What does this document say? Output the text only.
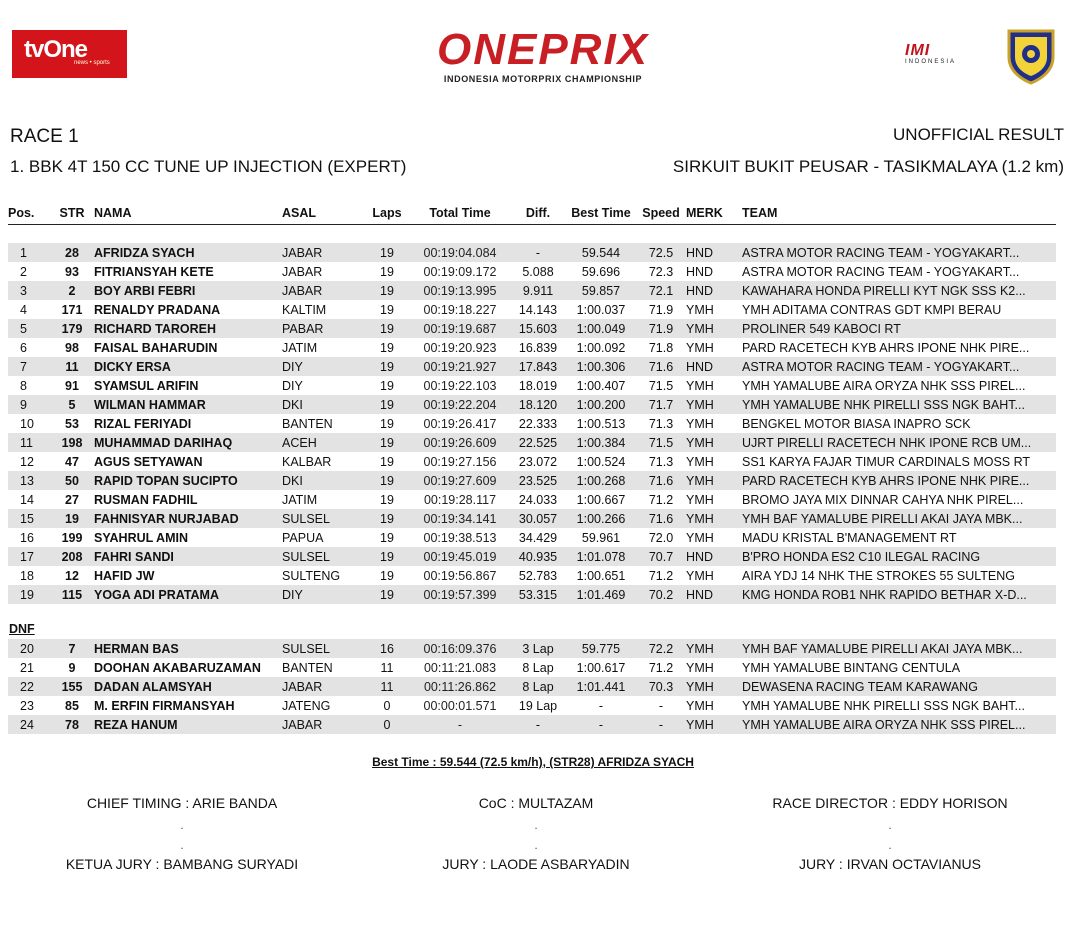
tvOne
news • sports	ONEPRIX
INDONESIA MOTORPRIX CHAMPIONSHIP
IMI
INDONESIA
RACE 1
1. BBK 4T 150 CC TUNE UP INJECTION (EXPERT)
UNOFFICIAL RESULT
SIRKUIT BUKIT PEUSAR - TASIKMALAYA (1.2 km)
Pos.	STR	NAMA	ASAL	Laps	Total Time	Diff.	Best Time	Speed	MERK	TEAM
1	28	AFRIDZA SYACH	JABAR	19	00:19:04.084	-	59.544	72.5	HND	ASTRA MOTOR RACING TEAM - YOGYAKART...
2	93	FITRIANSYAH KETE	JABAR	19	00:19:09.172	5.088	59.696	72.3	HND	ASTRA MOTOR RACING TEAM - YOGYAKART...
3	2	BOY ARBI FEBRI	JABAR	19	00:19:13.995	9.911	59.857	72.1	HND	KAWAHARA HONDA PIRELLI KYT NGK SSS K2...
4	171	RENALDY PRADANA	KALTIM	19	00:19:18.227	14.143	1:00.037	71.9	YMH	YMH ADITAMA CONTRAS GDT KMPI BERAU
5	179	RICHARD TAROREH	PABAR	19	00:19:19.687	15.603	1:00.049	71.9	YMH	PROLINER 549 KABOCI RT
6	98	FAISAL BAHARUDIN	JATIM	19	00:19:20.923	16.839	1:00.092	71.8	YMH	PARD RACETECH KYB AHRS IPONE NHK PIRE...
7	11	DICKY ERSA	DIY	19	00:19:21.927	17.843	1:00.306	71.6	HND	ASTRA MOTOR RACING TEAM - YOGYAKART...
8	91	SYAMSUL ARIFIN	DIY	19	00:19:22.103	18.019	1:00.407	71.5	YMH	YMH YAMALUBE AIRA ORYZA NHK SSS PIREL...
9	5	WILMAN HAMMAR	DKI	19	00:19:22.204	18.120	1:00.200	71.7	YMH	YMH YAMALUBE NHK PIRELLI SSS NGK BAHT...
10	53	RIZAL FERIYADI	BANTEN	19	00:19:26.417	22.333	1:00.513	71.3	YMH	BENGKEL MOTOR BIASA INAPRO SCK
11	198	MUHAMMAD DARIHAQ	ACEH	19	00:19:26.609	22.525	1:00.384	71.5	YMH	UJRT PIRELLI RACETECH NHK IPONE RCB UM...
12	47	AGUS SETYAWAN	KALBAR	19	00:19:27.156	23.072	1:00.524	71.3	YMH	SS1 KARYA FAJAR TIMUR CARDINALS MOSS RT
13	50	RAPID TOPAN SUCIPTO	DKI	19	00:19:27.609	23.525	1:00.268	71.6	YMH	PARD RACETECH KYB AHRS IPONE NHK PIRE...
14	27	RUSMAN FADHIL	JATIM	19	00:19:28.117	24.033	1:00.667	71.2	YMH	BROMO JAYA MIX DINNAR CAHYA NHK PIREL...
15	19	FAHNISYAR NURJABAD	SULSEL	19	00:19:34.141	30.057	1:00.266	71.6	YMH	YMH BAF YAMALUBE PIRELLI AKAI JAYA MBK...
16	199	SYAHRUL AMIN	PAPUA	19	00:19:38.513	34.429	59.961	72.0	YMH	MADU KRISTAL B'MANAGEMENT RT
17	208	FAHRI SANDI	SULSEL	19	00:19:45.019	40.935	1:01.078	70.7	HND	B'PRO HONDA ES2 C10 ILEGAL RACING
18	12	HAFID JW	SULTENG	19	00:19:56.867	52.783	1:00.651	71.2	YMH	AIRA YDJ 14 NHK THE STROKES 55 SULTENG
19	115	YOGA ADI PRATAMA	DIY	19	00:19:57.399	53.315	1:01.469	70.2	HND	KMG HONDA ROB1 NHK RAPIDO BETHAR X-D...
DNF
20	7	HERMAN BAS	SULSEL	16	00:16:09.376	3 Lap	59.775	72.2	YMH	YMH BAF YAMALUBE PIRELLI AKAI JAYA MBK...
21	9	DOOHAN AKABARUZAMAN	BANTEN	11	00:11:21.083	8 Lap	1:00.617	71.2	YMH	YMH YAMALUBE BINTANG CENTULA
22	155	DADAN ALAMSYAH	JABAR	11	00:11:26.862	8 Lap	1:01.441	70.3	YMH	DEWASENA RACING TEAM KARAWANG
23	85	M. ERFIN FIRMANSYAH	JATENG	0	00:00:01.571	19 Lap	-	-	YMH	YMH YAMALUBE NHK PIRELLI SSS NGK BAHT...
24	78	REZA HANUM	JABAR	0	-	-	-	-	YMH	YMH YAMALUBE AIRA ORYZA NHK SSS PIREL...
Best Time : 59.544 (72.5 km/h), (STR28) AFRIDZA SYACH
CHIEF TIMING : ARIE BANDA	CoC : MULTAZAM	RACE DIRECTOR : EDDY HORISON
.	.	.
.	.	.
KETUA JURY : BAMBANG SURYADI	JURY : LAODE ASBARYADIN	JURY : IRVAN OCTAVIANUS
